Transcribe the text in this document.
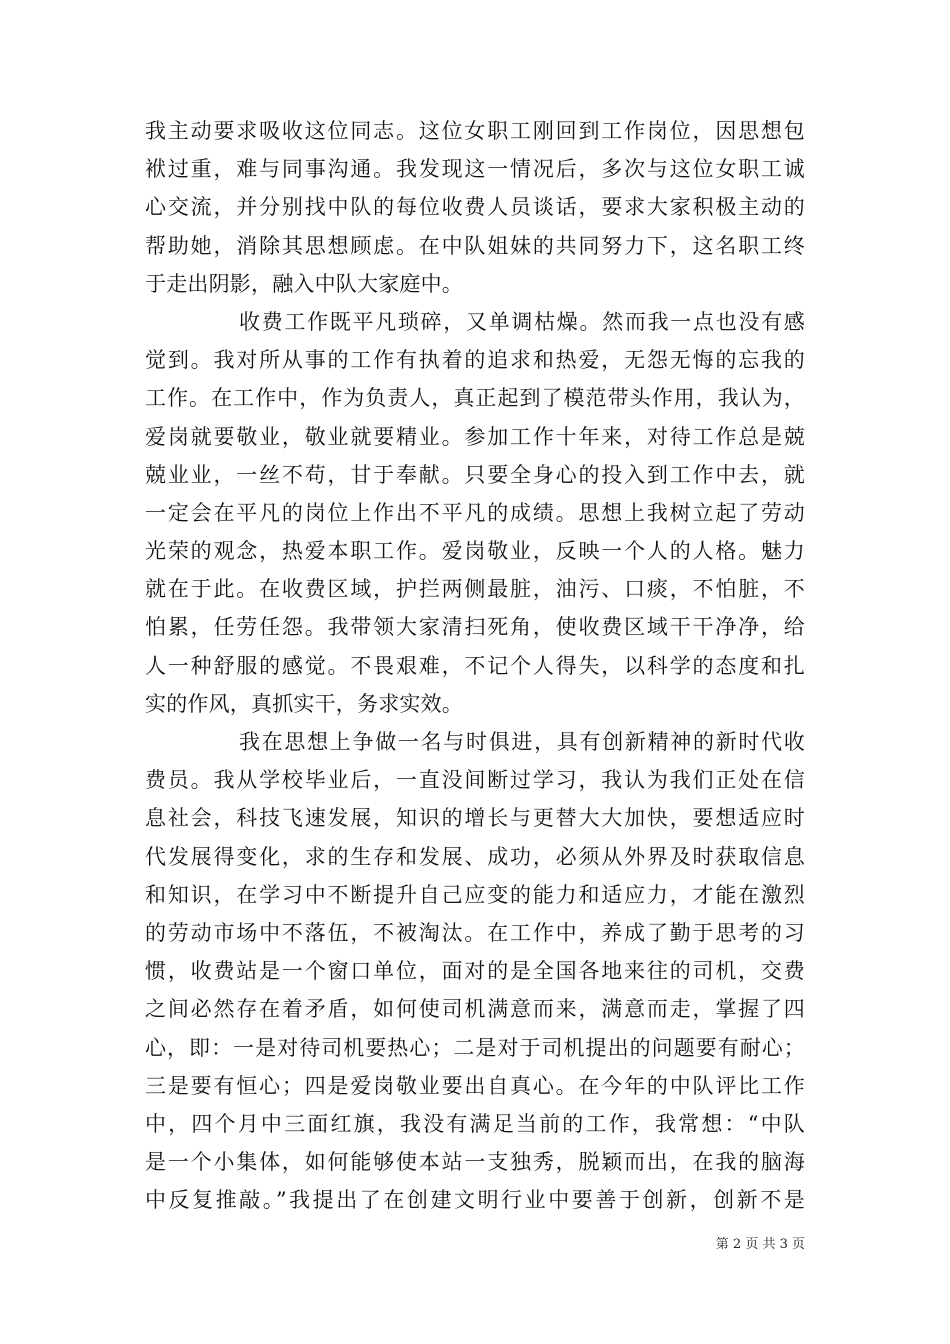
我主动要求吸收这位同志。这位女职工刚回到工作岗位，因思想包
袱过重，难与同事沟通。我发现这一情况后，多次与这位女职工诚
心交流，并分别找中队的每位收费人员谈话，要求大家积极主动的
帮助她，消除其思想顾虑。在中队姐妹的共同努力下，这名职工终
于走出阴影，融入中队大家庭中。
收费工作既平凡琐碎，又单调枯燥。然而我一点也没有感
觉到。我对所从事的工作有执着的追求和热爱，无怨无悔的忘我的
工作。在工作中，作为负责人，真正起到了模范带头作用，我认为，
爱岗就要敬业，敬业就要精业。参加工作十年来，对待工作总是兢
兢业业，一丝不苟，甘于奉献。只要全身心的投入到工作中去，就
一定会在平凡的岗位上作出不平凡的成绩。思想上我树立起了劳动
光荣的观念，热爱本职工作。爱岗敬业，反映一个人的人格。魅力
就在于此。在收费区域，护拦两侧最脏，油污、口痰，不怕脏，不
怕累，任劳任怨。我带领大家清扫死角，使收费区域干干净净，给
人一种舒服的感觉。不畏艰难，不记个人得失，以科学的态度和扎
实的作风，真抓实干，务求实效。
我在思想上争做一名与时俱进，具有创新精神的新时代收
费员。我从学校毕业后，一直没间断过学习，我认为我们正处在信
息社会，科技飞速发展，知识的增长与更替大大加快，要想适应时
代发展得变化，求的生存和发展、成功，必须从外界及时获取信息
和知识，在学习中不断提升自己应变的能力和适应力，才能在激烈
的劳动市场中不落伍，不被淘汰。在工作中，养成了勤于思考的习
惯，收费站是一个窗口单位，面对的是全国各地来往的司机，交费
之间必然存在着矛盾，如何使司机满意而来，满意而走，掌握了四
心，即：一是对待司机要热心；二是对于司机提出的问题要有耐心；
三是要有恒心；四是爱岗敬业要出自真心。在今年的中队评比工作
中，四个月中三面红旗，我没有满足当前的工作，我常想：“中队
是一个小集体，如何能够使本站一支独秀，脱颖而出，在我的脑海
中反复推敲。”我提出了在创建文明行业中要善于创新，创新不是
第 2 页 共 3 页
